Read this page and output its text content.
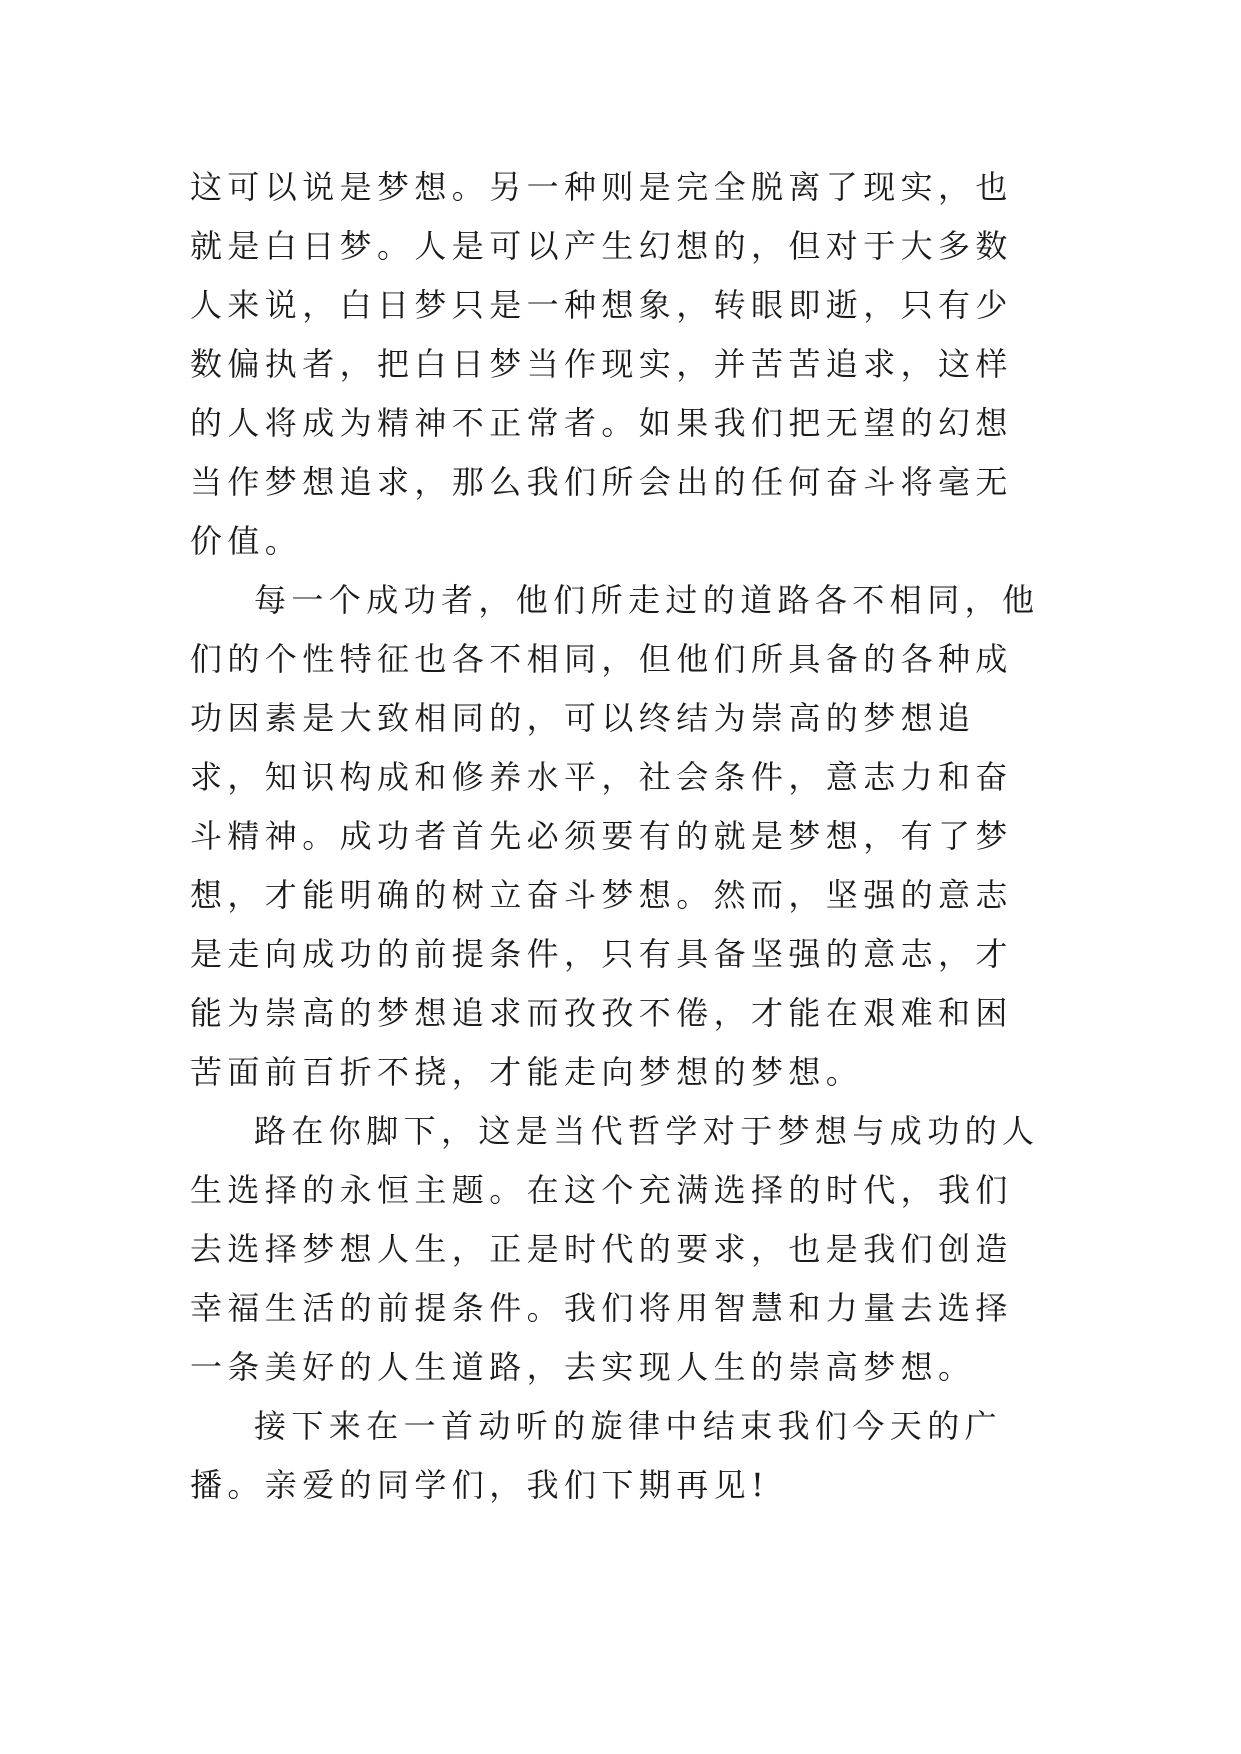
这可以说是梦想。另一种则是完全脱离了现实，也就是白日梦。人是可以产生幻想的，但对于大多数人来说，白日梦只是一种想象，转眼即逝，只有少数偏执者，把白日梦当作现实，并苦苦追求，这样的人将成为精神不正常者。如果我们把无望的幻想当作梦想追求，那么我们所会出的任何奋斗将毫无价值。

每一个成功者，他们所走过的道路各不相同，他们的个性特征也各不相同，但他们所具备的各种成功因素是大致相同的，可以终结为崇高的梦想追求，知识构成和修养水平，社会条件，意志力和奋斗精神。成功者首先必须要有的就是梦想，有了梦想，才能明确的树立奋斗梦想。然而，坚强的意志是走向成功的前提条件，只有具备坚强的意志，才能为崇高的梦想追求而孜孜不倦，才能在艰难和困苦面前百折不挠，才能走向梦想的梦想。

路在你脚下，这是当代哲学对于梦想与成功的人生选择的永恒主题。在这个充满选择的时代，我们去选择梦想人生，正是时代的要求，也是我们创造幸福生活的前提条件。我们将用智慧和力量去选择一条美好的人生道路，去实现人生的崇高梦想。

接下来在一首动听的旋律中结束我们今天的广播。亲爱的同学们，我们下期再见!
